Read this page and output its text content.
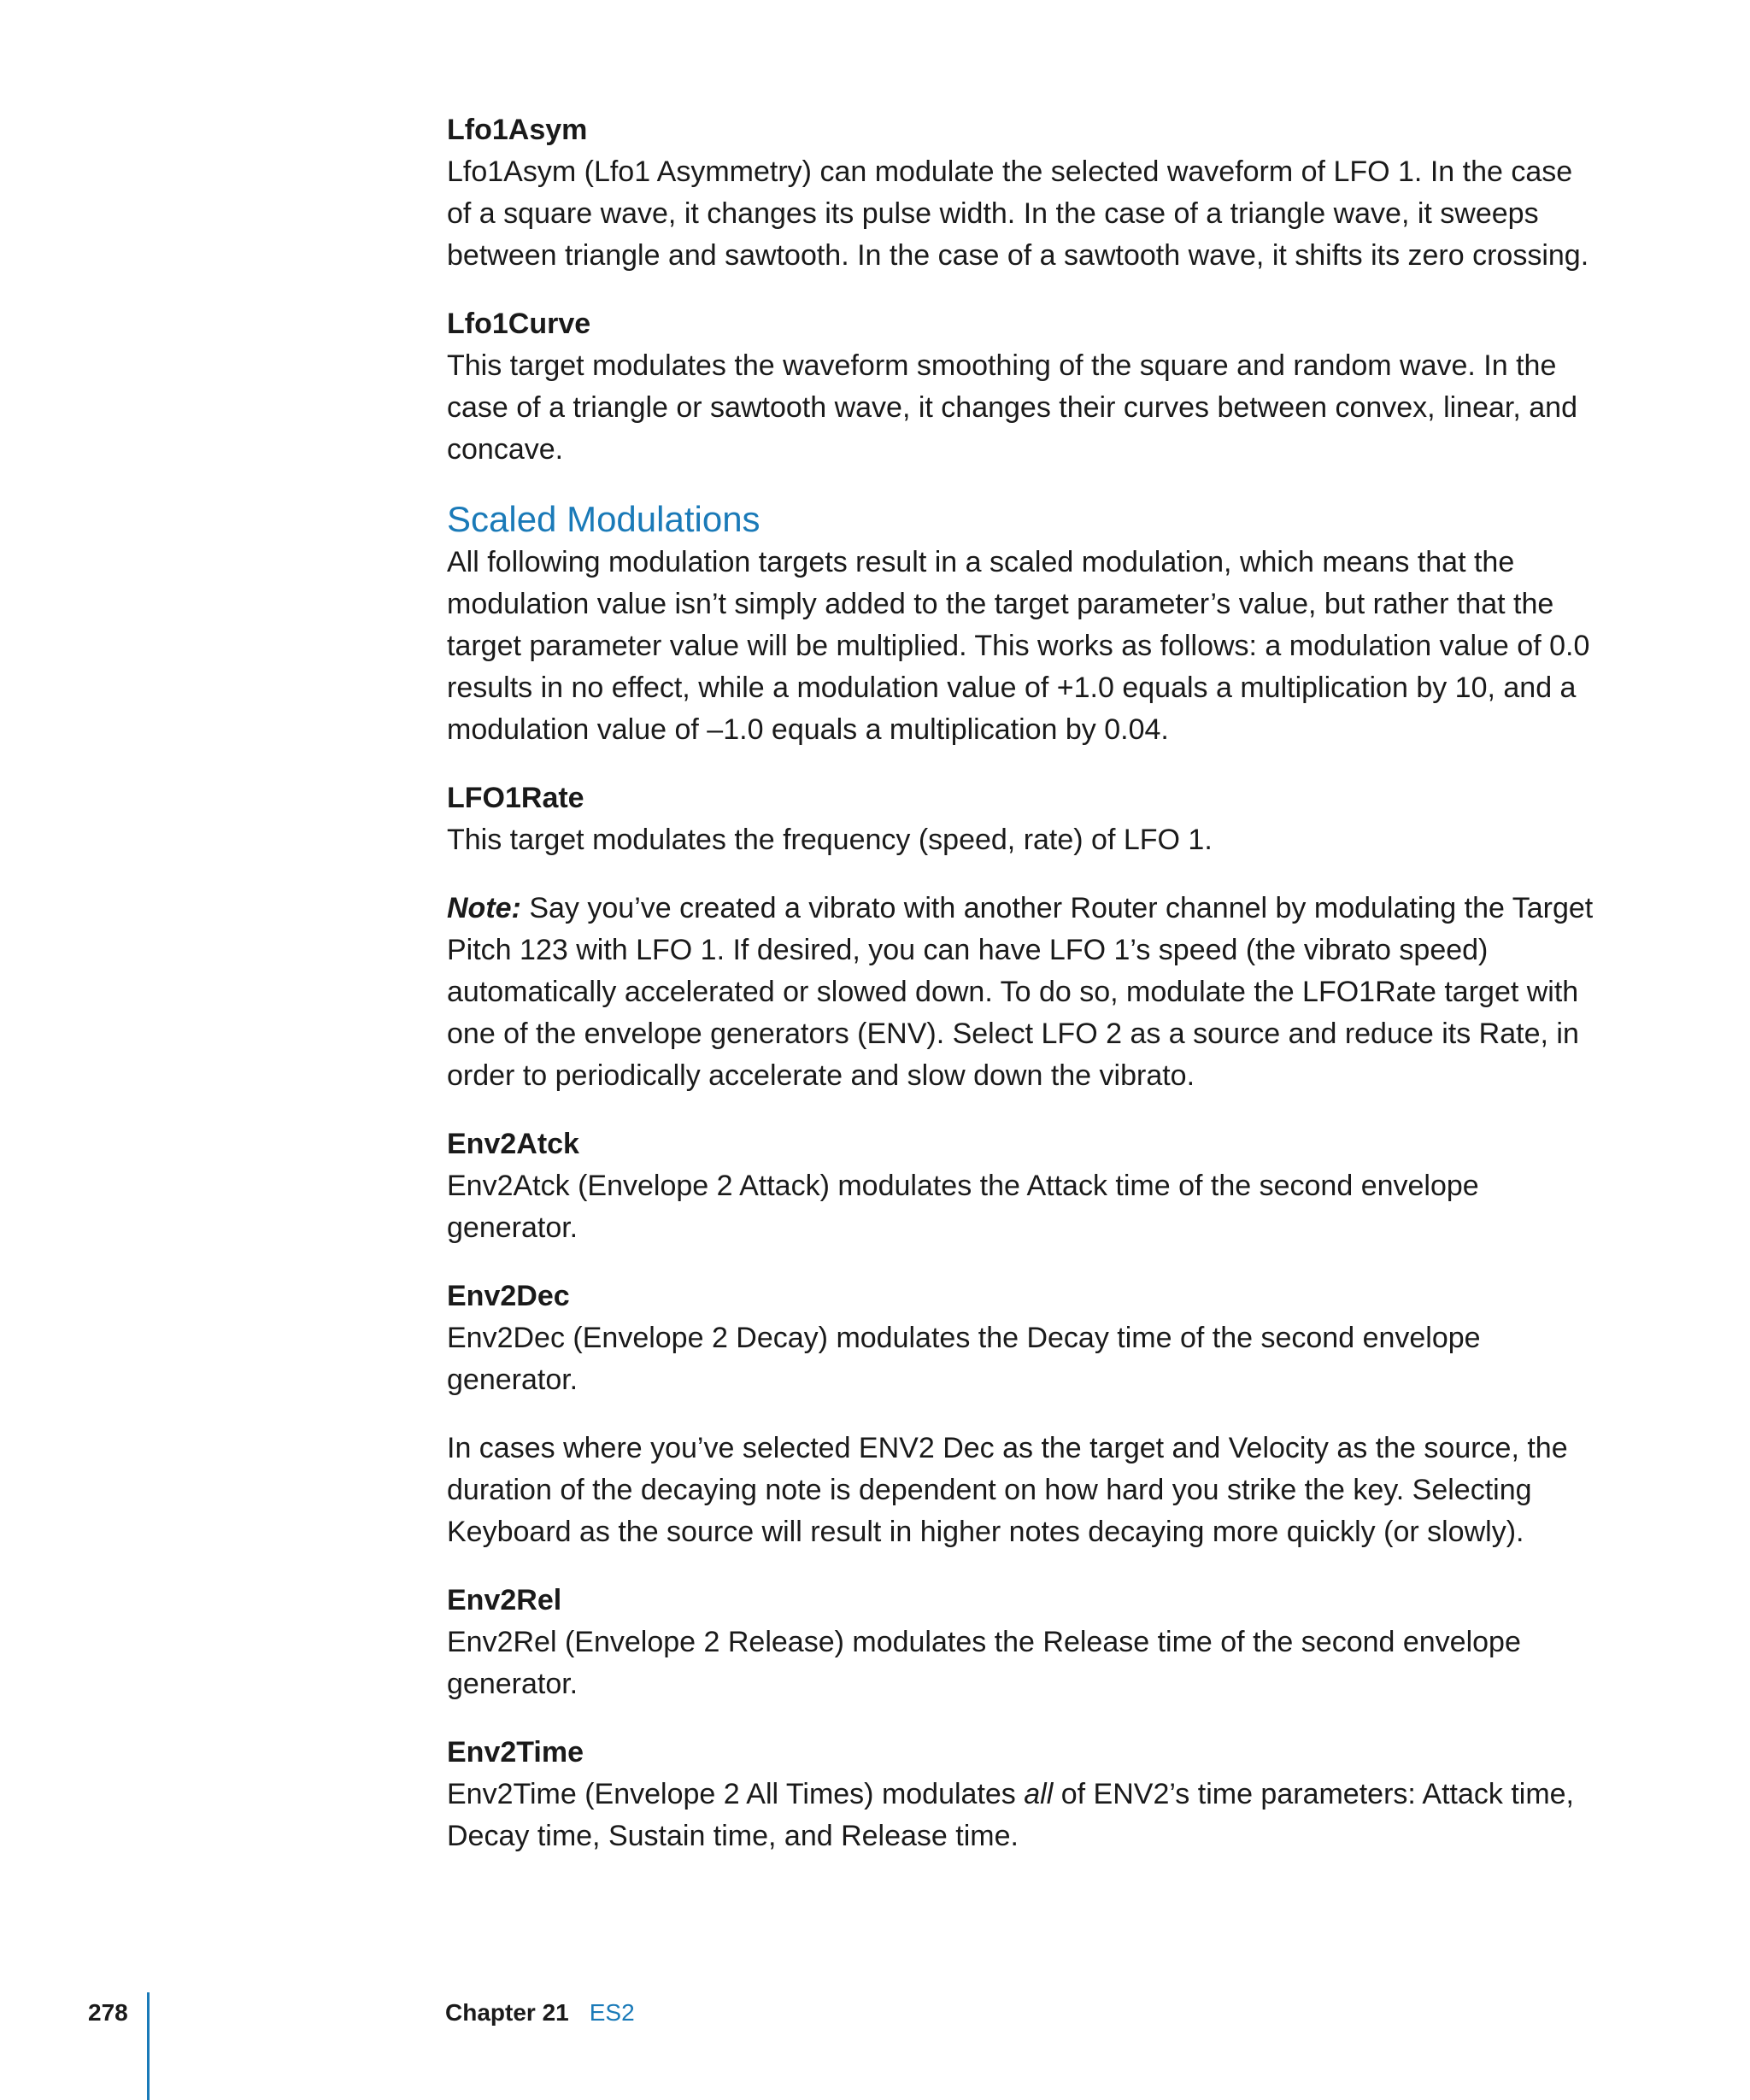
Lfo1Asym

Lfo1Asym (Lfo1 Asymmetry) can modulate the selected waveform of LFO 1. In the case of a square wave, it changes its pulse width. In the case of a triangle wave, it sweeps between triangle and sawtooth. In the case of a sawtooth wave, it shifts its zero crossing.

Lfo1Curve

This target modulates the waveform smoothing of the square and random wave. In the case of a triangle or sawtooth wave, it changes their curves between convex, linear, and concave.

Scaled Modulations

All following modulation targets result in a scaled modulation, which means that the modulation value isn’t simply added to the target parameter’s value, but rather that the target parameter value will be multiplied. This works as follows: a modulation value of 0.0 results in no effect, while a modulation value of +1.0 equals a multiplication by 10, and a modulation value of –1.0 equals a multiplication by 0.04.

LFO1Rate

This target modulates the frequency (speed, rate) of LFO 1.

Note: Say you’ve created a vibrato with another Router channel by modulating the Target Pitch 123 with LFO 1. If desired, you can have LFO 1’s speed (the vibrato speed) automatically accelerated or slowed down. To do so, modulate the LFO1Rate target with one of the envelope generators (ENV). Select LFO 2 as a source and reduce its Rate, in order to periodically accelerate and slow down the vibrato.

Env2Atck

Env2Atck (Envelope 2 Attack) modulates the Attack time of the second envelope generator.

Env2Dec

Env2Dec (Envelope 2 Decay) modulates the Decay time of the second envelope generator.

In cases where you’ve selected ENV2 Dec as the target and Velocity as the source, the duration of the decaying note is dependent on how hard you strike the key. Selecting Keyboard as the source will result in higher notes decaying more quickly (or slowly).

Env2Rel

Env2Rel (Envelope 2 Release) modulates the Release time of the second envelope generator.

Env2Time

Env2Time (Envelope 2 All Times) modulates all of ENV2’s time parameters: Attack time, Decay time, Sustain time, and Release time.

278	Chapter 21 ES2
